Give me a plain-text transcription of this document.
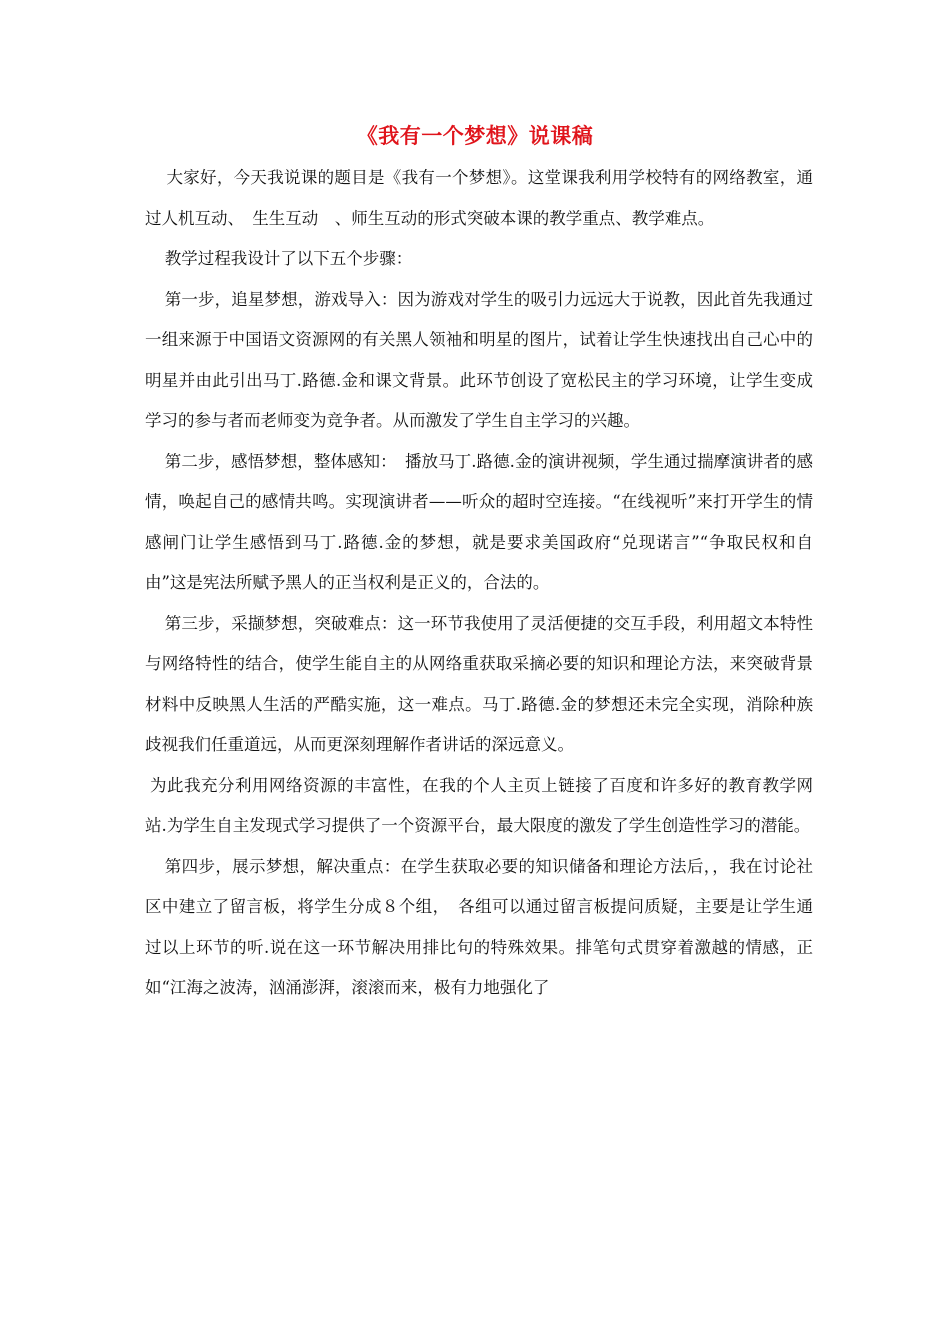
《我有一个梦想》说课稿

大家好，今天我说课的题目是《我有一个梦想》。这堂课我利用学校特有的网络教室，通过人机互动、　生生互动　、师生互动的形式突破本课的教学重点、教学难点。

教学过程我设计了以下五个步骤：

第一步，追星梦想，游戏导入：因为游戏对学生的吸引力远远大于说教，因此首先我通过一组来源于中国语文资源网的有关黑人领袖和明星的图片，试着让学生快速找出自己心中的明星并由此引出马丁.路德.金和课文背景。此环节创设了宽松民主的学习环境，让学生变成学习的参与者而老师变为竞争者。从而激发了学生自主学习的兴趣。

第二步，感悟梦想，整体感知：　播放马丁.路德.金的演讲视频，学生通过揣摩演讲者的感情，唤起自己的感情共鸣。实现演讲者——听众的超时空连接。“在线视听”来打开学生的情感闸门让学生感悟到马丁.路德.金的梦想，就是要求美国政府“兑现诺言”“争取民权和自由”这是宪法所赋予黑人的正当权利是正义的，合法的。

第三步，采撷梦想，突破难点：这一环节我使用了灵活便捷的交互手段，利用超文本特性与网络特性的结合，使学生能自主的从网络重获取采摘必要的知识和理论方法，来突破背景材料中反映黑人生活的严酷实施，这一难点。马丁.路德.金的梦想还未完全实现，消除种族歧视我们任重道远，从而更深刻理解作者讲话的深远意义。

为此我充分利用网络资源的丰富性，在我的个人主页上链接了百度和许多好的教育教学网站.为学生自主发现式学习提供了一个资源平台，最大限度的激发了学生创造性学习的潜能。

第四步，展示梦想，解决重点：在学生获取必要的知识储备和理论方法后，，我在讨论社区中建立了留言板，将学生分成８个组，　各组可以通过留言板提问质疑，主要是让学生通过以上环节的听.说在这一环节解决用排比句的特殊效果。排笔句式贯穿着激越的情感，正如“江海之波涛，汹涌澎湃，滚滚而来，极有力地强化了
